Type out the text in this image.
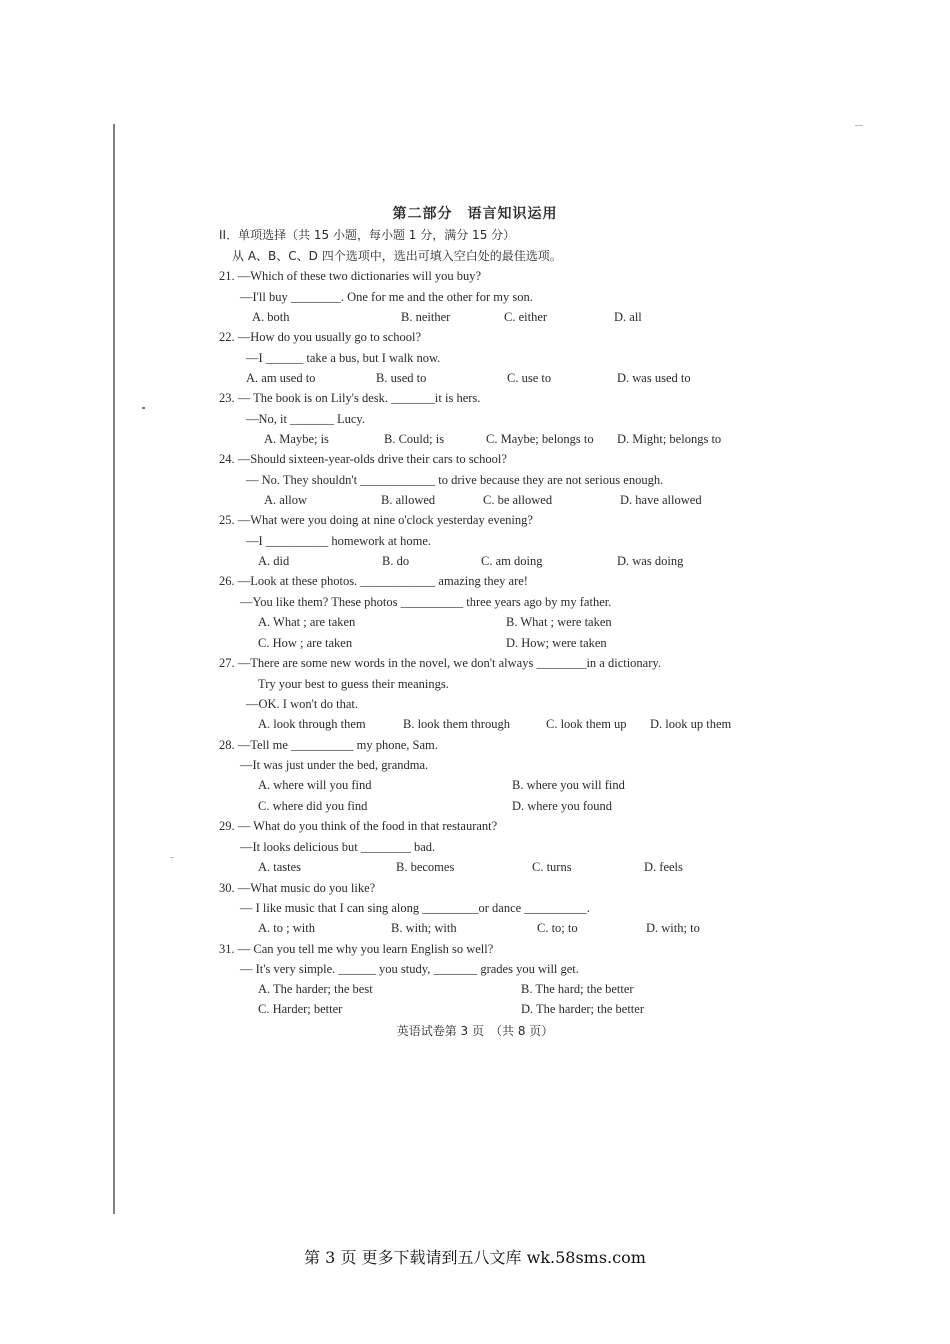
第二部分　语言知识运用
II．单项选择（共 15 小题，每小题 1 分，满分 15 分）
从 A、B、C、D 四个选项中，选出可填入空白处的最佳选项。
21. —Which of these two dictionaries will you buy?
—I'll buy ________. One for me and the other for my son.
A. both	B. neither	C. either	D. all
22. —How do you usually go to school?
—I ______ take a bus, but I walk now.
A. am used to	B. used to	C. use to	D. was used to
23. — The book is on Lily's desk. _______it is hers.
—No, it _______ Lucy.
A. Maybe; is	B. Could; is	C. Maybe; belongs to D. Might; belongs to
24. —Should sixteen-year-olds drive their cars to school?
— No. They shouldn't ____________ to drive because they are not serious enough.
A. allow	B. allowed	C. be allowed	D. have allowed
25. —What were you doing at nine o'clock yesterday evening?
—I __________ homework at home.
A. did	B. do	C. am doing	D. was doing
26. —Look at these photos. ____________ amazing they are!
—You like them? These photos __________ three years ago by my father.
A. What ; are taken	B. What ; were taken
C. How ; are taken	D. How; were taken
27. —There are some new words in the novel, we don't always ________in a dictionary.
Try your best to guess their meanings.
—OK. I won't do that.
A. look through them	B. look them through	C. look them up D. look up them
28. —Tell me __________ my phone, Sam.
—It was just under the bed, grandma.
A. where will you find	B. where you will find
C. where did you find	D. where you found
29. — What do you think of the food in that restaurant?
—It looks delicious but ________ bad.
A. tastes	B. becomes	C. turns	D. feels
30. —What music do you like?
— I like music that I can sing along _________or dance __________.
A. to ; with	B. with; with	C. to; to	D. with; to
31. — Can you tell me why you learn English so well?
— It's very simple. ______ you study, _______ grades you will get.
A. The harder; the best	B. The hard; the better
C. Harder; better	D. The harder; the better
英语试卷第 3 页　（共 8 页）
第 3 页 更多下载请到五八文库 wk.58sms.com
